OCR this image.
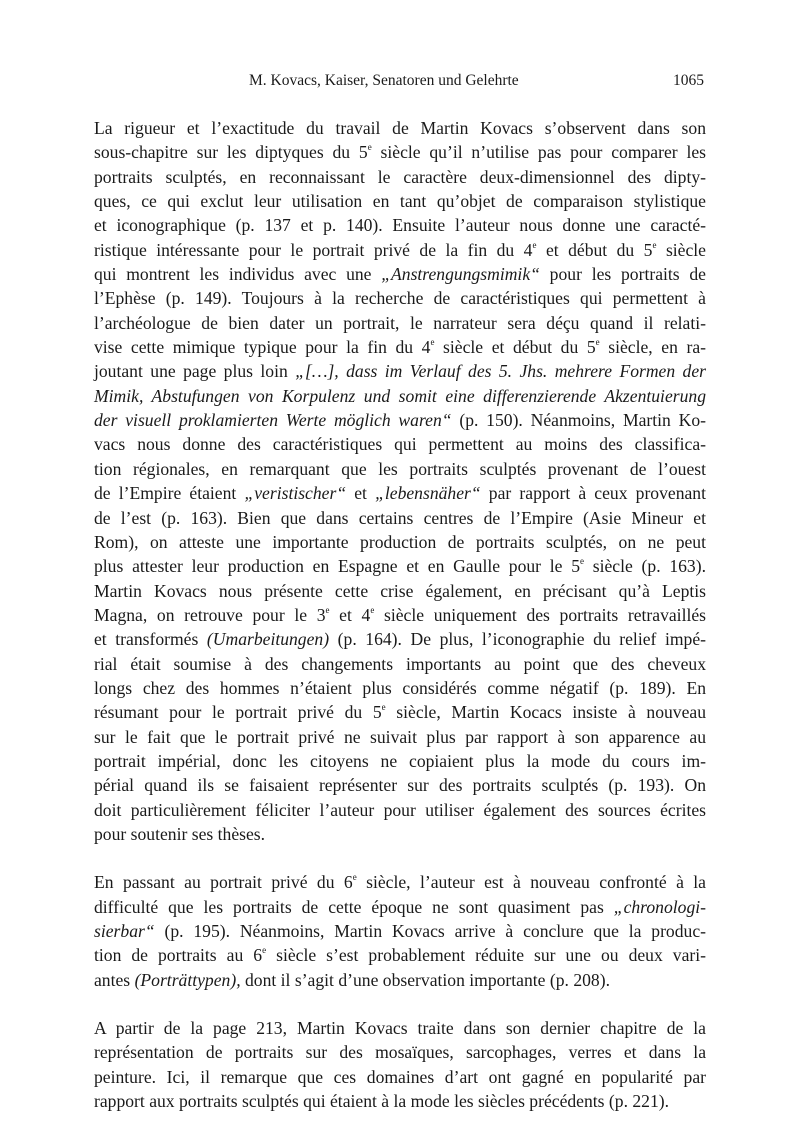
M. Kovacs, Kaiser, Senatoren und Gelehrte	1065
La rigueur et l’exactitude du travail de Martin Kovacs s’observent dans son
sous-chapitre sur les diptyques du 5e siècle qu’il n’utilise pas pour comparer les
portraits sculptés, en reconnaissant le caractère deux-dimensionnel des dipty-
ques, ce qui exclut leur utilisation en tant qu’objet de comparaison stylistique
et iconographique (p. 137 et p. 140). Ensuite l’auteur nous donne une caracté-
ristique intéressante pour le portrait privé de la fin du 4e et début du 5e siècle
qui montrent les individus avec une „Anstrengungsmimik“ pour les portraits de
l’Ephèse (p. 149). Toujours à la recherche de caractéristiques qui permettent à
l’archéologue de bien dater un portrait, le narrateur sera déçu quand il relati-
vise cette mimique typique pour la fin du 4e siècle et début du 5e siècle, en ra-
joutant une page plus loin „[…], dass im Verlauf des 5. Jhs. mehrere Formen der
Mimik, Abstufungen von Korpulenz und somit eine differenzierende Akzentuierung
der visuell proklamierten Werte möglich waren“ (p. 150). Néanmoins, Martin Ko-
vacs nous donne des caractéristiques qui permettent au moins des classifica-
tion régionales, en remarquant que les portraits sculptés provenant de l’ouest
de l’Empire étaient „veristischer“ et „lebensnäher“ par rapport à ceux provenant
de l’est (p. 163). Bien que dans certains centres de l’Empire (Asie Mineur et
Rom), on atteste une importante production de portraits sculptés, on ne peut
plus attester leur production en Espagne et en Gaulle pour le 5e siècle (p. 163).
Martin Kovacs nous présente cette crise également, en précisant qu’à Leptis
Magna, on retrouve pour le 3e et 4e siècle uniquement des portraits retravaillés
et transformés (Umarbeitungen) (p. 164). De plus, l’iconographie du relief impé-
rial était soumise à des changements importants au point que des cheveux
longs chez des hommes n’étaient plus considérés comme négatif (p. 189). En
résumant pour le portrait privé du 5e siècle, Martin Kocacs insiste à nouveau
sur le fait que le portrait privé ne suivait plus par rapport à son apparence au
portrait impérial, donc les citoyens ne copiaient plus la mode du cours im-
périal quand ils se faisaient représenter sur des portraits sculptés (p. 193). On
doit particulièrement féliciter l’auteur pour utiliser également des sources écrites
pour soutenir ses thèses.
En passant au portrait privé du 6e siècle, l’auteur est à nouveau confronté à la
difficulté que les portraits de cette époque ne sont quasiment pas „chronologi-
sierbar“ (p. 195). Néanmoins, Martin Kovacs arrive à conclure que la produc-
tion de portraits au 6e siècle s’est probablement réduite sur une ou deux vari-
antes (Porträttypen), dont il s’agit d’une observation importante (p. 208).
A partir de la page 213, Martin Kovacs traite dans son dernier chapitre de la
représentation de portraits sur des mosaïques, sarcophages, verres et dans la
peinture. Ici, il remarque que ces domaines d’art ont gagné en popularité par
rapport aux portraits sculptés qui étaient à la mode les siècles précédents (p. 221).
